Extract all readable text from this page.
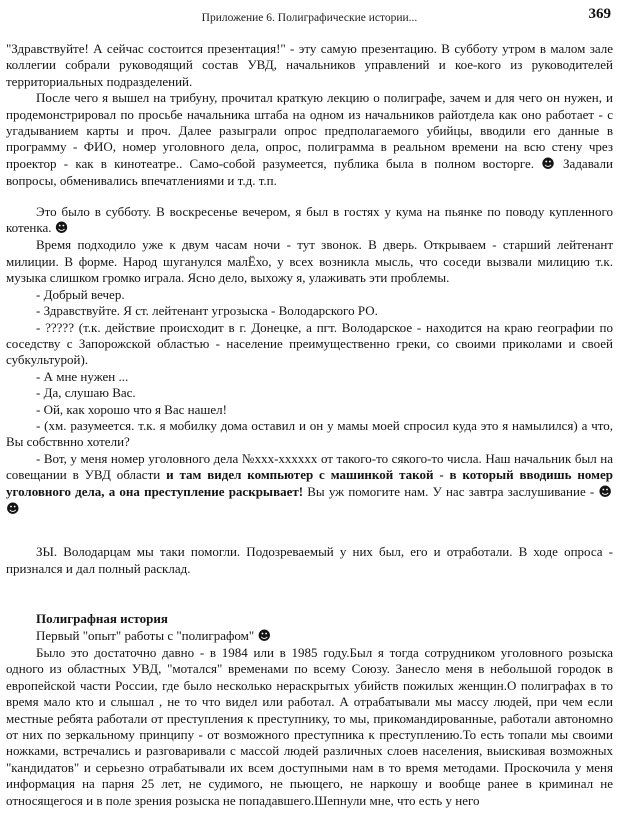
Приложение 6. Полиграфические истории...	369

"Здравствуйте! А сейчас состоится презентация!" - эту самую презентацию. В субботу утром в малом зале коллегии собрали руководящий состав УВД, начальников управлений и кое-кого из руководителей территориальных подразделений.

После чего я вышел на трибуну, прочитал краткую лекцию о полиграфе, зачем и для чего он нужен, и продемонстрировал по просьбе начальника штаба на одном из начальников райотдела как оно работает - с угадыванием карты и проч. Далее разыграли опрос предполагаемого убийцы, вводили его данные в программу - ФИО, номер уголовного дела, опрос, полиграмма в реальном времени на всю стену чрез проектор - как в кинотеатре.. Само-собой разумеется, публика была в полном восторге. ☻ Задавали вопросы, обменивались впечатлениями и т.д. т.п.

Это было в субботу. В воскресенье вечером, я был в гостях у кума на пьянке по поводу купленного котенка. ☻

Время подходило уже к двум часам ночи - тут звонок. В дверь. Открываем - старший лейтенант милиции. В форме. Народ шуганулся малЁхо, у всех возникла мысль, что соседи вызвали милицию т.к. музыка слишком громко играла. Ясно дело, выхожу я, улаживать эти проблемы.

- Добрый вечер.

- Здравствуйте. Я ст. лейтенант угрозыска - Володарского РО.

- ????? (т.к. действие происходит в г. Донецке, а пгт. Володарское - находится на краю географии по соседству с Запорожской областью - население преимущественно греки, со своими приколами и своей субкультурой).

- А мне нужен ...

- Да, слушаю Вас.

- Ой, как хорошо что я Вас нашел!

- (хм. разумеется. т.к. я мобилку дома оставил и он у мамы моей спросил куда это я намылился) а что, Вы собствнно хотели?

- Вот, у меня номер уголовного дела №ххх-хххххх от такого-то сякого-то числа. Наш начальник был на совещании в УВД области и там видел компьютер с машинкой такой - в который вводишь номер уголовного дела, а она преступление раскрывает! Вы уж помогите нам. У нас завтра заслушивание - ☻☻

ЗЫ. Володарцам мы таки помогли. Подозреваемый у них был, его и отработали. В ходе опроса - признался и дал полный расклад.

Полиграфная история

Первый "опыт" работы с "полиграфом" ☻

Было это достаточно давно - в 1984 или в 1985 году.Был я тогда сотрудником уголовного розыска одного из областных УВД, "мотался" временами по всему Союзу. Занесло меня в небольшой городок в европейской части России, где было несколько нераскрытых убийств пожилых женщин.О полиграфах в то время мало кто и слышал , не то что видел или работал. А отрабатывали мы массу людей, при чем если местные ребята работали от преступления к преступнику, то мы, прикомандированные, работали автономно от них по зеркальному принципу - от возможного преступника к преступлению.То есть топали мы своими ножками, встречались и разговаривали с массой людей различных слоев населения, выискивая возможных "кандидатов" и серьезно отрабатывали их всем доступными нам в то время методами. Проскочила у меня информация на парня 25 лет, не судимого, не пьющего, не наркошу и вообще ранее в криминал не относящегося и в поле зрения розыска не попадавшего.Шепнули мне, что есть у него
